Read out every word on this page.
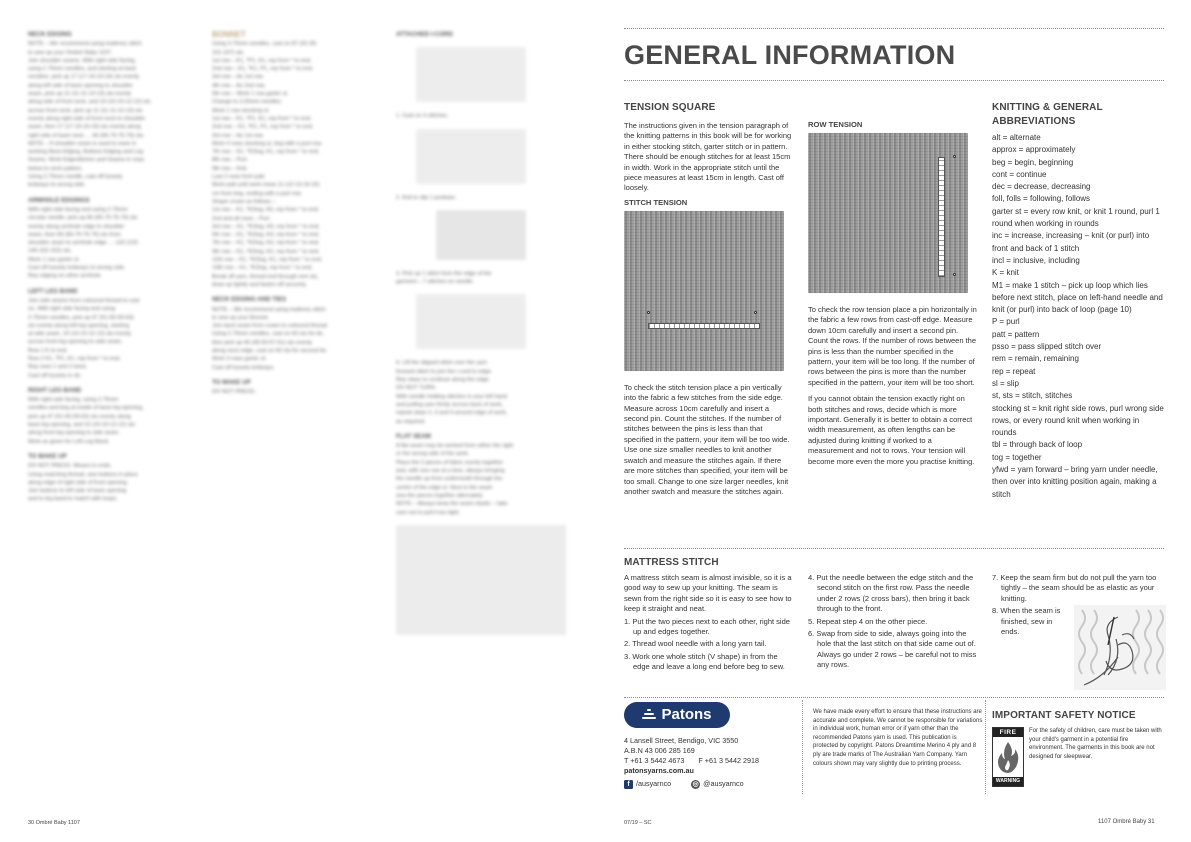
NECK EDGING
NOTE – We recommend using mattress stitch
to sew up your Ombré Baby 1107.
Join shoulder seams. With right side facing,
using 2.75mm needles, and starting at back
neckline, pick up 17 (17-19-19-19) sts evenly
along left side of back opening to shoulder
seam, pick up 11 (11-11-13-13) sts evenly
along side of front neck, and 10 (10-10-12-12) sts
across front neck, pick up 11 (11-11-13-13) sts
evenly along right side of front neck to shoulder
seam, then 17 (17-19-19-19) sts evenly along
right side of back neck … 66 (66-70-76-76) sts.
NOTE – If shoulder seam is used to ease in
working Back Edging, Buttons Edging and Leg
Seams. Work Edgestitches and Seams in rows
below to neck pattern.
Using 2.75mm needle, cast off loosely
knitways to wrong side.
ARMHOLE EDGINGS
With right side facing and using 2.75mm
circular needle, pick up 66 (66-70-76-76) sts
evenly along armhole edge to shoulder
seam, then 66 (66-70-76-76) sts from
shoulder seam to armhole edge … 132 (132-
140-152-152) sts.
Work 1 row garter st.
Cast off loosely knitways to wrong side.
Rep edging on other armhole.
LEFT LEG BAND
Join side seams from coloured thread to cast
on. With right side facing and using
2.75mm needles, pick up 47 (51-55-59-63)
sts evenly along left leg opening, starting
at side seam, 10 (10-10-12-12) sts evenly
across front leg opening to side seam.
Row 1 K to end.
Row 2 K1, *P1, K1, rep from * to end.
Rep rows 1 and 2 twice.
Cast off loosely in rib.
RIGHT LEG BAND
With right side facing, using 2.75mm
needles and beg at inside of back leg opening,
pick up 47 (51-55-59-63) sts evenly along
back leg opening, and 10 (10-10-12-12) sts
along front leg opening to side seam.
Work as given for Left Leg Band.
TO MAKE UP
DO NOT PRESS. Weave in ends.
Using matching thread, sew buttons in place
along edge of right side of front opening.
Join buttons to left side of back opening
and to leg band to match with loops.
BONNET
Using 3.75mm needles, cast on 87 (91-95-
101-107) sts.
1st row – K1, *P1, K1, rep from * to end.
2nd row – K1, *K1, P1, rep from * to end.
3rd row – As 1st row.
4th row – As 2nd row.
5th row – Work 1 row garter st.
Change to 3.25mm needles.
Work 1 row stocking st.
1st row – K1, *P1, K1, rep from * to end.
2nd row – K1, *K1, P1, rep from * to end.
3rd row – As 1st row.
Work 4 rows stocking st, beg with a purl row.
7th row – K1, *K2tog, K1, rep from * to end.
8th row – Purl.
9th row – Knit.
Last 2 rows form patt.
Work patt until work meas 11 (12-13-14-15)
cm from beg, ending with a purl row.
Shape crown as follows –
1st row – K1, *K2tog, K6, rep from * to end.
2nd and alt rows – Purl.
3rd row – K1, *K2tog, K5, rep from * to end.
5th row – K1, *K2tog, K4, rep from * to end.
7th row – K1, *K2tog, K3, rep from * to end.
9th row – K1, *K2tog, K2, rep from * to end.
11th row – K1, *K2tog, K1, rep from * to end.
13th row – K1, *K2tog, rep from * to end.
Break off yarn, thread end through rem sts,
draw up tightly and fasten off securely.
NECK EDGING AND TIES
NOTE – We recommend using mattress stitch
to sew up your Bonnet.
Join back seam from crown to coloured thread.
Using 2.75mm needles, cast on 60 sts for tie,
then pick up 45 (49-53-57-61) sts evenly
along neck edge, cast on 60 sts for second tie.
Work 3 rows garter st.
Cast off loosely knitways.
TO MAKE UP
DO NOT PRESS.
ATTACHED I-CORD
1. Cast on 3 stitches.
2. Knit to slip 1 purlwise.
3. Pick up 1 stitch from the edge of the
garment – 7 stitches on needle.
4. Lift the slipped stitch over the yarn
forward stitch to join the i-cord to edge.
Rep steps to continue along the edge.
DO NOT TURN.
With needle holding stitches in your left hand
and pulling yarn firmly across back of work,
repeat steps 2, 3 and 4 around edge of work,
as required.
FLAT SEAM
A flat seam may be worked from either the right
or the wrong side of the work.
Place the 2 pieces of fabric evenly together
and, with one row at a time, always bringing
the needle up from underneath through the
centre of the edge st. Next to the seam
sew the pieces together alternately.
NOTE – Always keep the seam elastic – take
care not to pull it too tight.
30 Ombré Baby 1107
GENERAL INFORMATION
TENSION SQUARE

The instructions given in the tension paragraph of the knitting patterns in this book will be for working in either stocking stitch, garter stitch or in pattern. There should be enough stitches for at least 15cm in width. Work in the appropriate stitch until the piece measures at least 15cm in length. Cast off loosely.

STITCH TENSION

To check the stitch tension place a pin vertically into the fabric a few stitches from the side edge. Measure across 10cm carefully and insert a second pin. Count the stitches. If the number of stitches between the pins is less than that specified in the pattern, your item will be too wide. Use one size smaller needles to knit another swatch and measure the stitches again. If there are more stitches than specified, your item will be too small. Change to one size larger needles, knit another swatch and measure the stitches again.

ROW TENSION

To check the row tension place a pin horizontally in the fabric a few rows from cast-off edge. Measure down 10cm carefully and insert a second pin. Count the rows. If the number of rows between the pins is less than the number specified in the pattern, your item will be too long. If the number of rows between the pins is more than the number specified in the pattern, your item will be too short.

If you cannot obtain the tension exactly right on both stitches and rows, decide which is more important. Generally it is better to obtain a correct width measurement, as often lengths can be adjusted during knitting if worked to a measurement and not to rows. Your tension will become more even the more you practise knitting.

KNITTING & GENERAL
ABBREVIATIONS
alt = alternate
approx = approximately
beg = begin, beginning
cont = continue
dec = decrease, decreasing
foll, folls = following, follows
garter st = every row knit, or knit 1 round, purl 1 round when working in rounds
inc = increase, increasing – knit (or purl) into front and back of 1 stitch
incl = inclusive, including
K = knit
M1 = make 1 stitch – pick up loop which lies before next stitch, place on left-hand needle and knit (or purl) into back of loop (page 10)
P = purl
patt = pattern
psso = pass slipped stitch over
rem = remain, remaining
rep = repeat
sl = slip
st, sts = stitch, stitches
stocking st = knit right side rows, purl wrong side rows, or every round knit when working in rounds
tbl = through back of loop
tog = together
yfwd = yarn forward – bring yarn under needle, then over into knitting position again, making a stitch
MATTRESS STITCH

A mattress stitch seam is almost invisible, so it is a good way to sew up your knitting. The seam is sewn from the right side so it is easy to see how to keep it straight and neat.

1. Put the two pieces next to each other, right side up and edges together.
2. Thread wool needle with a long yarn tail.
3. Work one whole stitch (V shape) in from the edge and leave a long end before beg to sew.
4. Put the needle between the edge stitch and the second stitch on the first row. Pass the needle under 2 rows (2 cross bars), then bring it back through to the front.
5. Repeat step 4 on the other piece.
6. Swap from side to side, always going into the hole that the last stitch on that side came out of. Always go under 2 rows – be careful not to miss any rows.
7. Keep the seam firm but do not pull the yarn too tightly – the seam should be as elastic as your knitting.
8. When the seam is finished, sew in ends.
Patons
4 Lansell Street, Bendigo, VIC 3550
A.B.N 43 006 285 169
T +61 3 5442 4673 F +61 3 5442 2918
patonsyarns.com.au
f /ausyarnco
	◎ @ausyarnco

We have made every effort to ensure that these instructions are accurate and complete. We cannot be responsible for variations in individual work, human error or if yarn other than the recommended Patons yarn is used. This publication is protected by copyright. Patons Dreamtime Merino 4 ply and 8 ply are trade marks of The Australian Yarn Company. Yarn colours shown may vary slightly due to printing process.

IMPORTANT SAFETY NOTICE
FIRE
WARNING

For the safety of children, care must be taken with your child's garment in a potential fire environment. The garments in this book are not designed for sleepwear.

07/19 – SC	1107 Ombré Baby 31
